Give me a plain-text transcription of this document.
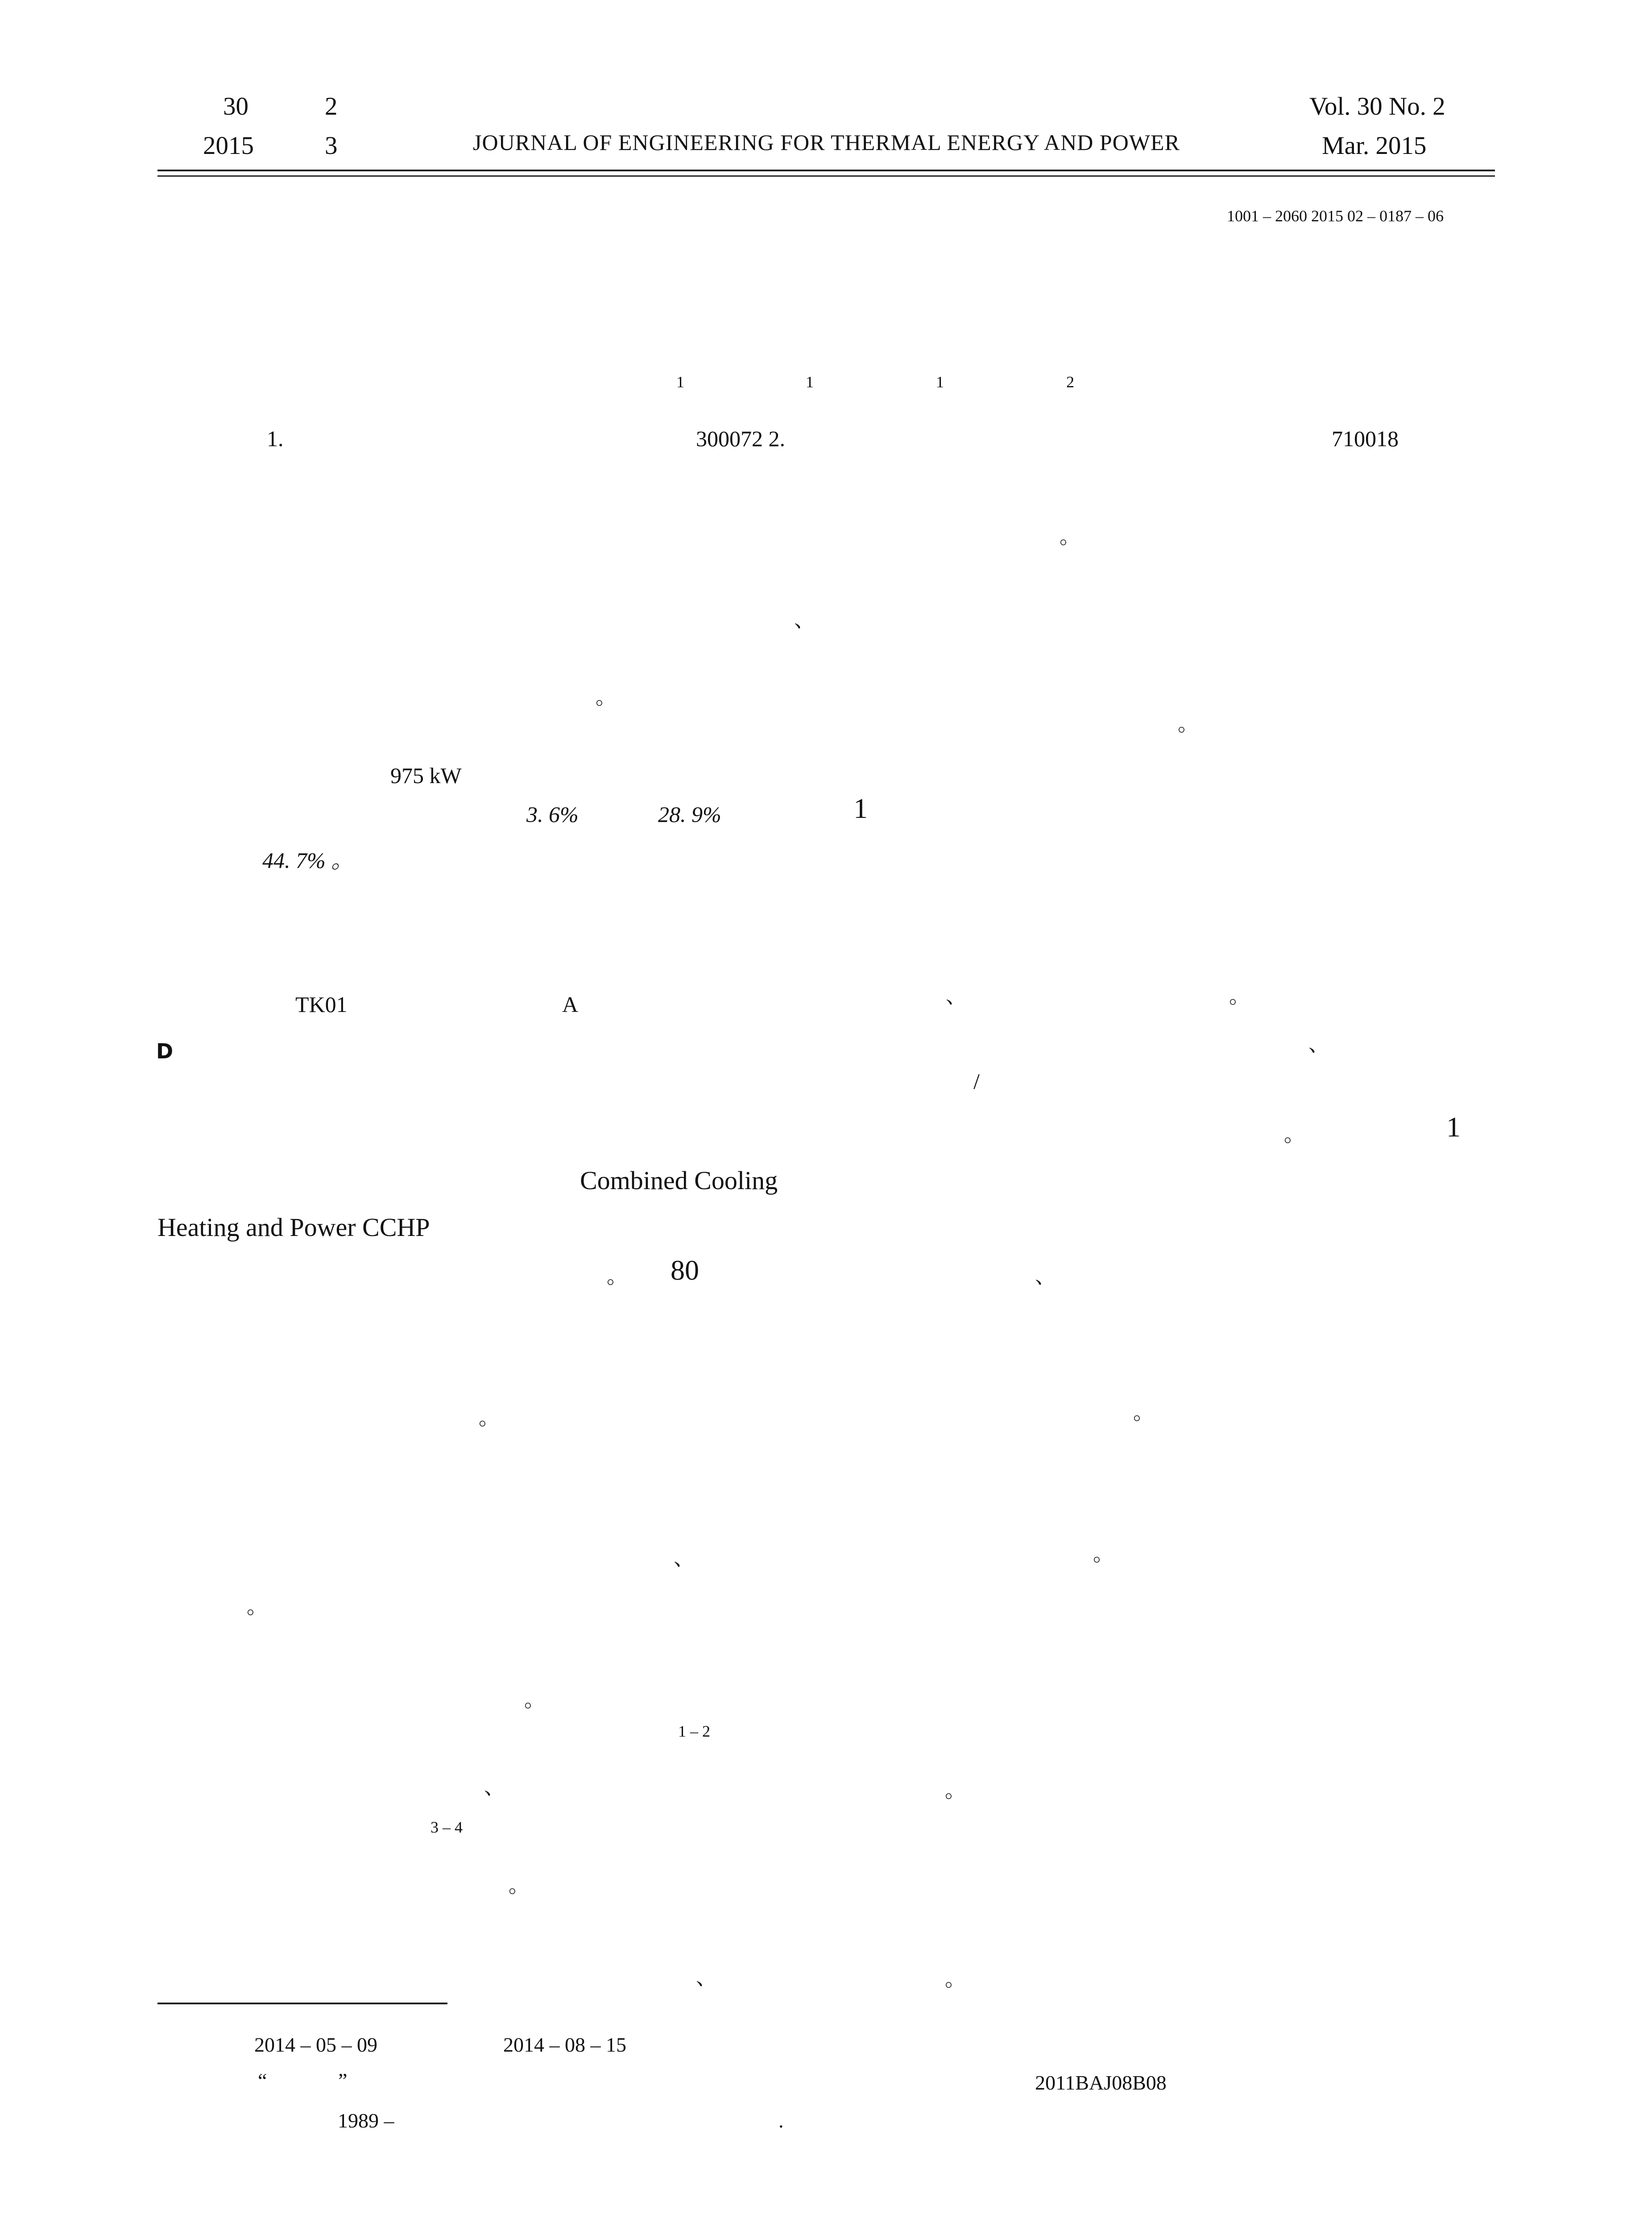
30	2
2015	3	JOURNAL OF ENGINEERING FOR THERMAL ENERGY AND POWER
Vol. 30 No. 2
Mar. 2015
1001 – 2060 2015 02 – 0187 – 06
1	1	1	2
1.	300072 2.	710018
。
、
。
。
975 kW
3. 6%	28. 9%	1
44. 7% 。
TK01	A
D
、	。
、
/
。	1
Combined Cooling
Heating and Power CCHP
。 80	、
。	。
、	。
。
。
1 – 2
、	。
3 – 4
。
、	。
2014 – 05 – 09	2014 – 08 – 15
“	”	2011BAJ08B08
1989 –	.
